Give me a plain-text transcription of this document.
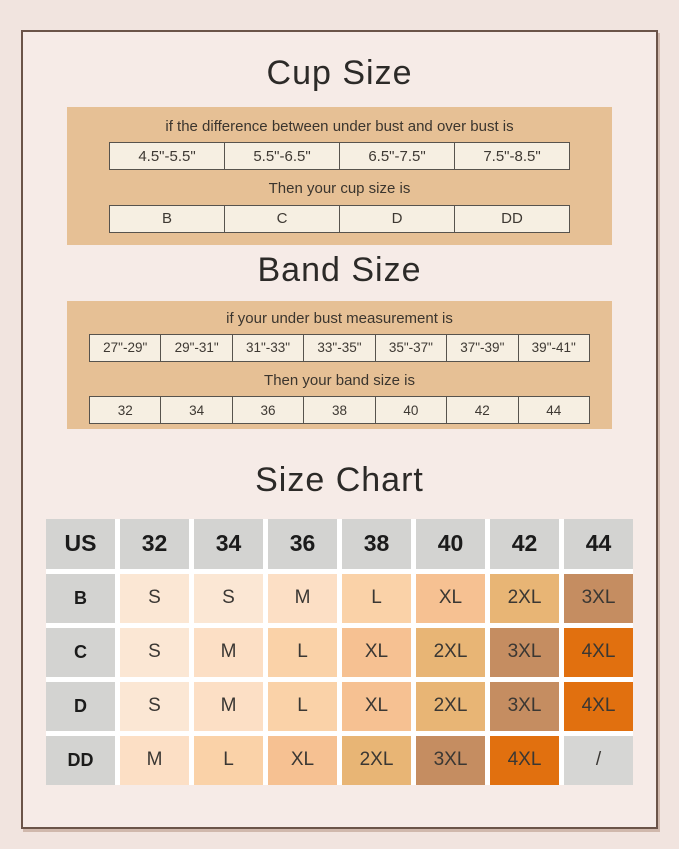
Cup Size
if the difference between under bust and over bust is
4.5"-5.5"	5.5"-6.5"	6.5"-7.5"	7.5"-8.5"
Then your cup size is
B	C	D	DD
Band Size
if your under bust measurement is
27"-29"	29"-31"	31"-33"	33"-35"	35"-37"	37"-39"	39"-41"
Then your band size is
32	34	36	38	40	42	44
Size Chart
US	32	34	36	38	40	42	44
B	S	S	M	L	XL	2XL	3XL
C	S	M	L	XL	2XL	3XL	4XL
D	S	M	L	XL	2XL	3XL	4XL
DD	M	L	XL	2XL	3XL	4XL	/
